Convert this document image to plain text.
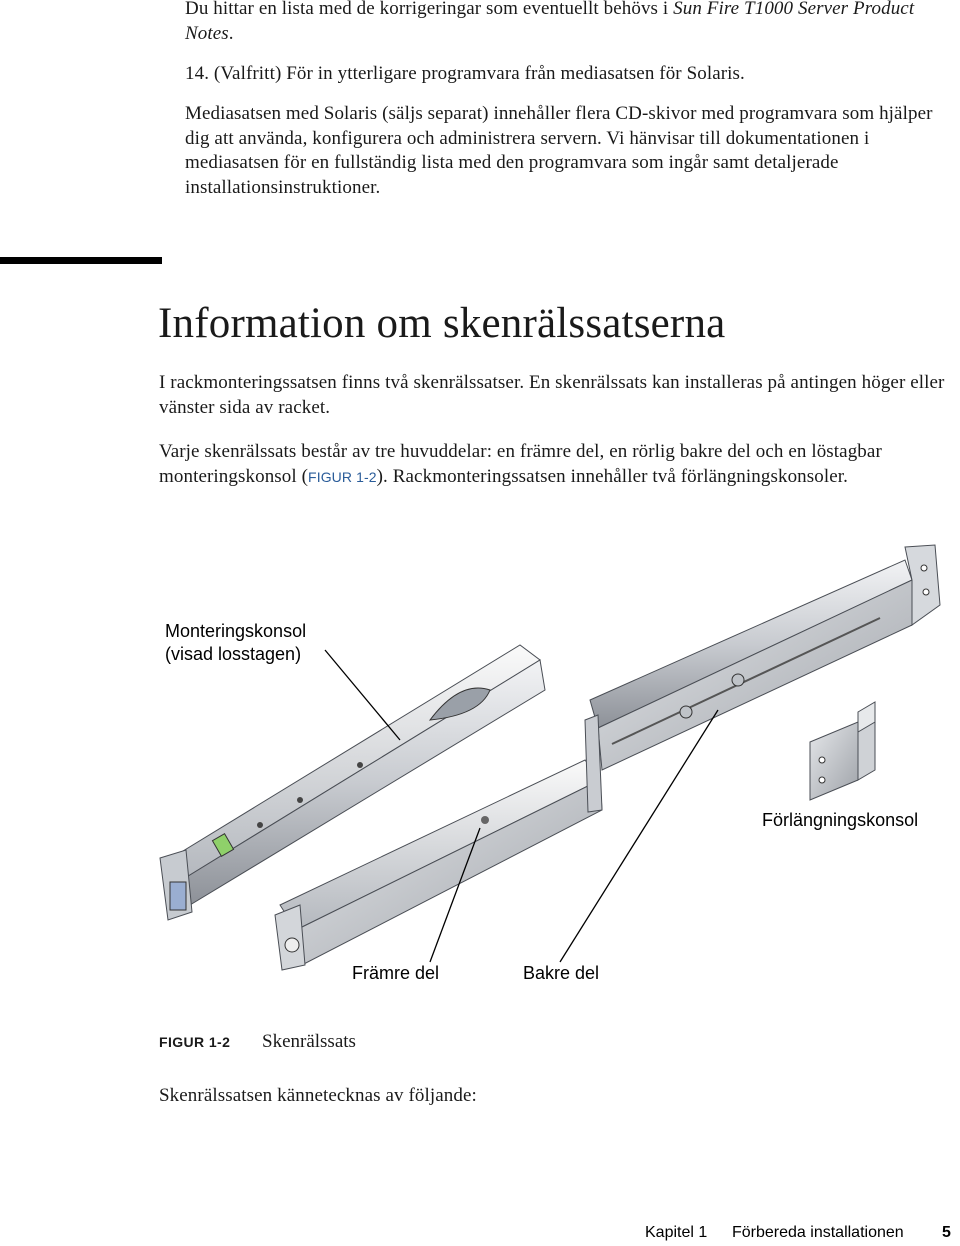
Du hittar en lista med de korrigeringar som eventuellt behövs i Sun Fire T1000 Server Product Notes.

14. (Valfritt) För in ytterligare programvara från mediasatsen för Solaris.

Mediasatsen med Solaris (säljs separat) innehåller flera CD-skivor med programvara som hjälper dig att använda, konfigurera och administrera servern. Vi hänvisar till dokumentationen i mediasatsen för en fullständig lista med den programvara som ingår samt detaljerade installationsinstruktioner.

Information om skenrälssatserna

I rackmonteringssatsen finns två skenrälssatser. En skenrälssats kan installeras på antingen höger eller vänster sida av racket.

Varje skenrälssats består av tre huvuddelar: en främre del, en rörlig bakre del och en löstagbar monteringskonsol (FIGUR 1-2). Rackmonteringssatsen innehåller två förlängningskonsoler.

Monteringskonsol
(visad losstagen)
Förlängningskonsol
Främre del	Bakre del
FIGUR 1-2 Skenrälssats

Skenrälssatsen kännetecknas av följande:

Kapitel 1 Förbereda installationen 5
